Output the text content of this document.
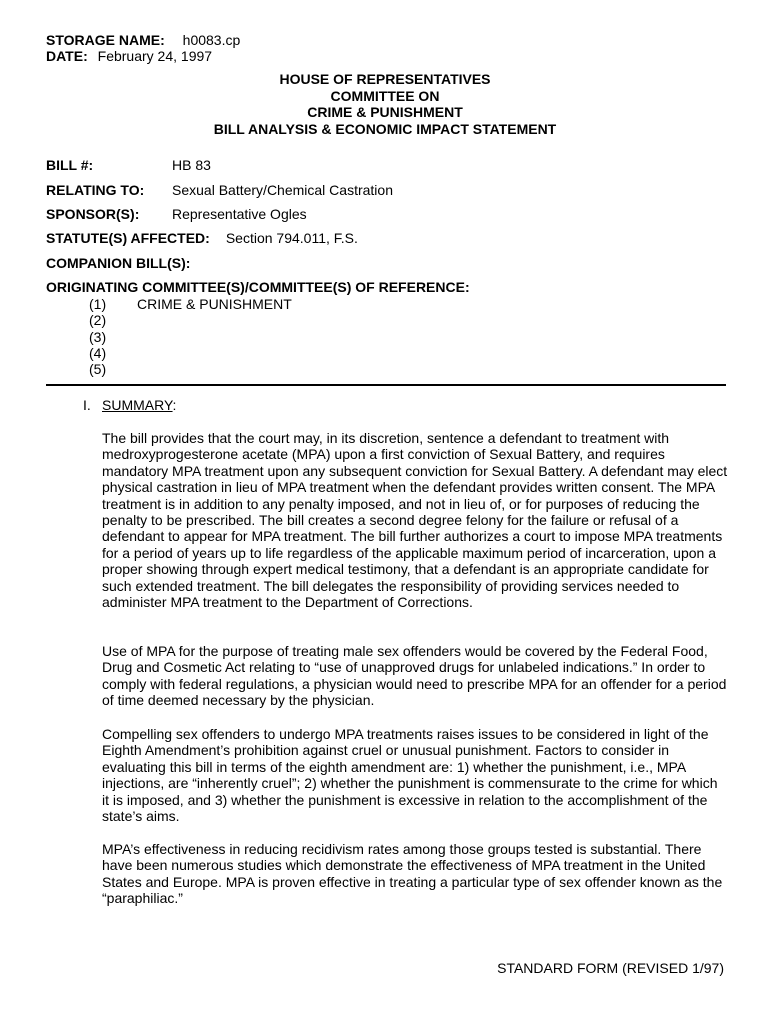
STORAGE NAME: h0083.cp
DATE: February 24, 1997
HOUSE OF REPRESENTATIVES
COMMITTEE ON
CRIME & PUNISHMENT
BILL ANALYSIS & ECONOMIC IMPACT STATEMENT
BILL #:	HB 83
RELATING TO: Sexual Battery/Chemical Castration
SPONSOR(S): Representative Ogles
STATUTE(S) AFFECTED: Section 794.011, F.S.
COMPANION BILL(S):
ORIGINATING COMMITTEE(S)/COMMITTEE(S) OF REFERENCE:
(1) CRIME & PUNISHMENT
(2)
(3)
(4)
(5)
I. SUMMARY:

The bill provides that the court may, in its discretion, sentence a defendant to treatment with medroxyprogesterone acetate (MPA) upon a first conviction of Sexual Battery, and requires mandatory MPA treatment upon any subsequent conviction for Sexual Battery. A defendant may elect physical castration in lieu of MPA treatment when the defendant provides written consent. The MPA treatment is in addition to any penalty imposed, and not in lieu of, or for purposes of reducing the penalty to be prescribed. The bill creates a second degree felony for the failure or refusal of a defendant to appear for MPA treatment. The bill further authorizes a court to impose MPA treatments for a period of years up to life regardless of the applicable maximum period of incarceration, upon a proper showing through expert medical testimony, that a defendant is an appropriate candidate for such extended treatment. The bill delegates the responsibility of providing services needed to administer MPA treatment to the Department of Corrections.

Use of MPA for the purpose of treating male sex offenders would be covered by the Federal Food, Drug and Cosmetic Act relating to “use of unapproved drugs for unlabeled indications.” In order to comply with federal regulations, a physician would need to prescribe MPA for an offender for a period of time deemed necessary by the physician.

Compelling sex offenders to undergo MPA treatments raises issues to be considered in light of the Eighth Amendment’s prohibition against cruel or unusual punishment. Factors to consider in evaluating this bill in terms of the eighth amendment are: 1) whether the punishment, i.e., MPA injections, are “inherently cruel”; 2) whether the punishment is commensurate to the crime for which it is imposed, and 3) whether the punishment is excessive in relation to the accomplishment of the state’s aims.

MPA’s effectiveness in reducing recidivism rates among those groups tested is substantial. There have been numerous studies which demonstrate the effectiveness of MPA treatment in the United States and Europe. MPA is proven effective in treating a particular type of sex offender known as the “paraphiliac.”

STANDARD FORM (REVISED 1/97)
